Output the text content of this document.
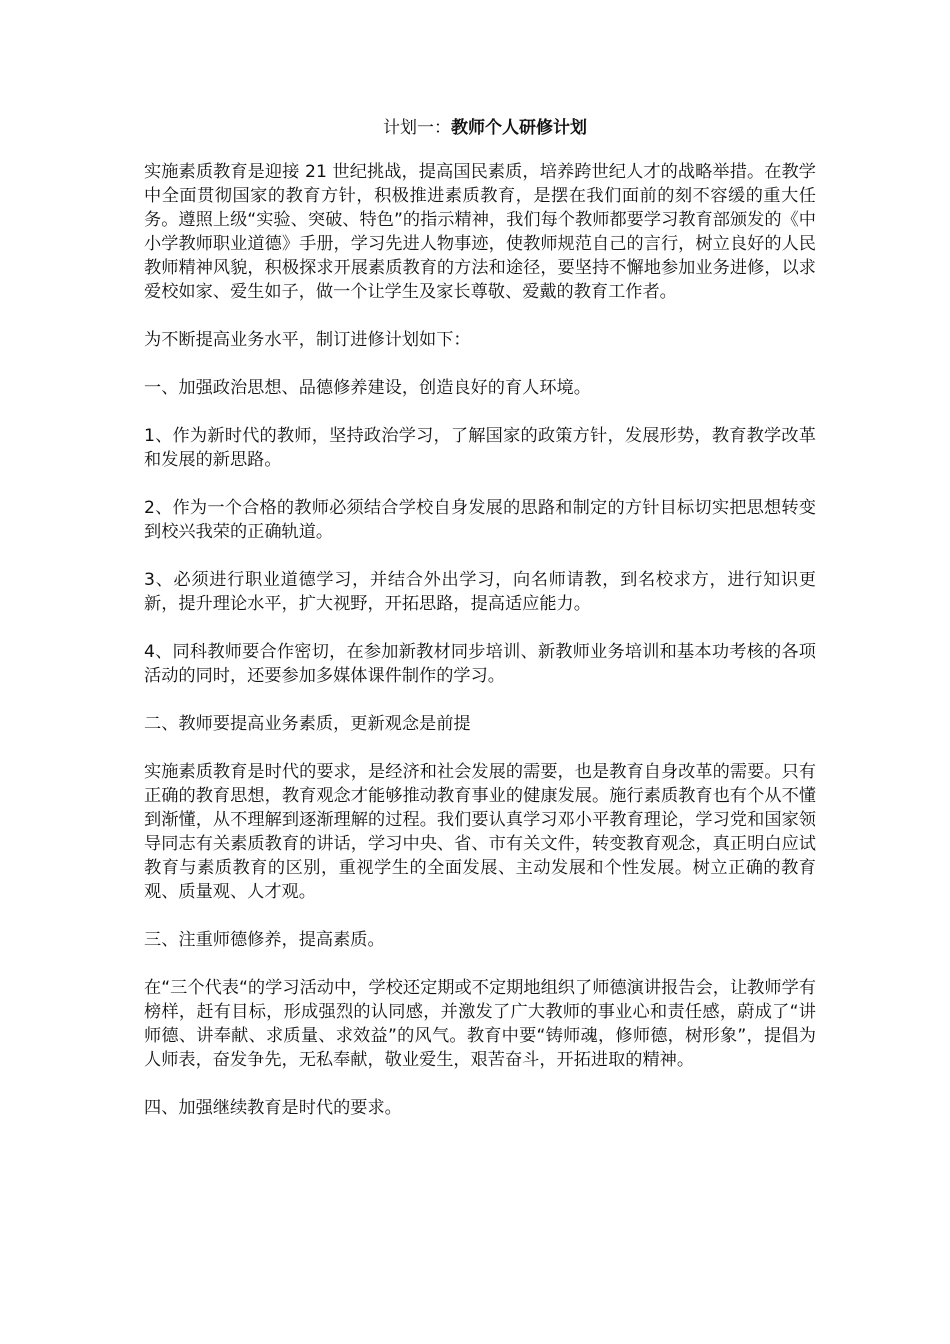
计划一：教师个人研修计划

实施素质教育是迎接 21 世纪挑战，提高国民素质，培养跨世纪人才的战略举措。在教学中全面贯彻国家的教育方针，积极推进素质教育，是摆在我们面前的刻不容缓的重大任务。遵照上级“实验、突破、特色”的指示精神，我们每个教师都要学习教育部颁发的《中小学教师职业道德》手册，学习先进人物事迹，使教师规范自己的言行，树立良好的人民教师精神风貌，积极探求开展素质教育的方法和途径，要坚持不懈地参加业务进修，以求爱校如家、爱生如子，做一个让学生及家长尊敬、爱戴的教育工作者。

为不断提高业务水平，制订进修计划如下：

一、加强政治思想、品德修养建设，创造良好的育人环境。

1、作为新时代的教师，坚持政治学习，了解国家的政策方针，发展形势，教育教学改革和发展的新思路。

2、作为一个合格的教师必须结合学校自身发展的思路和制定的方针目标切实把思想转变到校兴我荣的正确轨道。

3、必须进行职业道德学习，并结合外出学习，向名师请教，到名校求方，进行知识更新，提升理论水平，扩大视野，开拓思路，提高适应能力。

4、同科教师要合作密切，在参加新教材同步培训、新教师业务培训和基本功考核的各项活动的同时，还要参加多媒体课件制作的学习。

二、教师要提高业务素质，更新观念是前提

实施素质教育是时代的要求，是经济和社会发展的需要，也是教育自身改革的需要。只有正确的教育思想，教育观念才能够推动教育事业的健康发展。施行素质教育也有个从不懂到渐懂，从不理解到逐渐理解的过程。我们要认真学习邓小平教育理论，学习党和国家领导同志有关素质教育的讲话，学习中央、省、市有关文件，转变教育观念，真正明白应试教育与素质教育的区别，重视学生的全面发展、主动发展和个性发展。树立正确的教育观、质量观、人才观。

三、注重师德修养，提高素质。

在“三个代表“的学习活动中，学校还定期或不定期地组织了师德演讲报告会，让教师学有榜样，赶有目标，形成强烈的认同感，并激发了广大教师的事业心和责任感，蔚成了“讲师德、讲奉献、求质量、求效益”的风气。教育中要“铸师魂，修师德，树形象”，提倡为人师表，奋发争先，无私奉献，敬业爱生，艰苦奋斗，开拓进取的精神。

四、加强继续教育是时代的要求。
